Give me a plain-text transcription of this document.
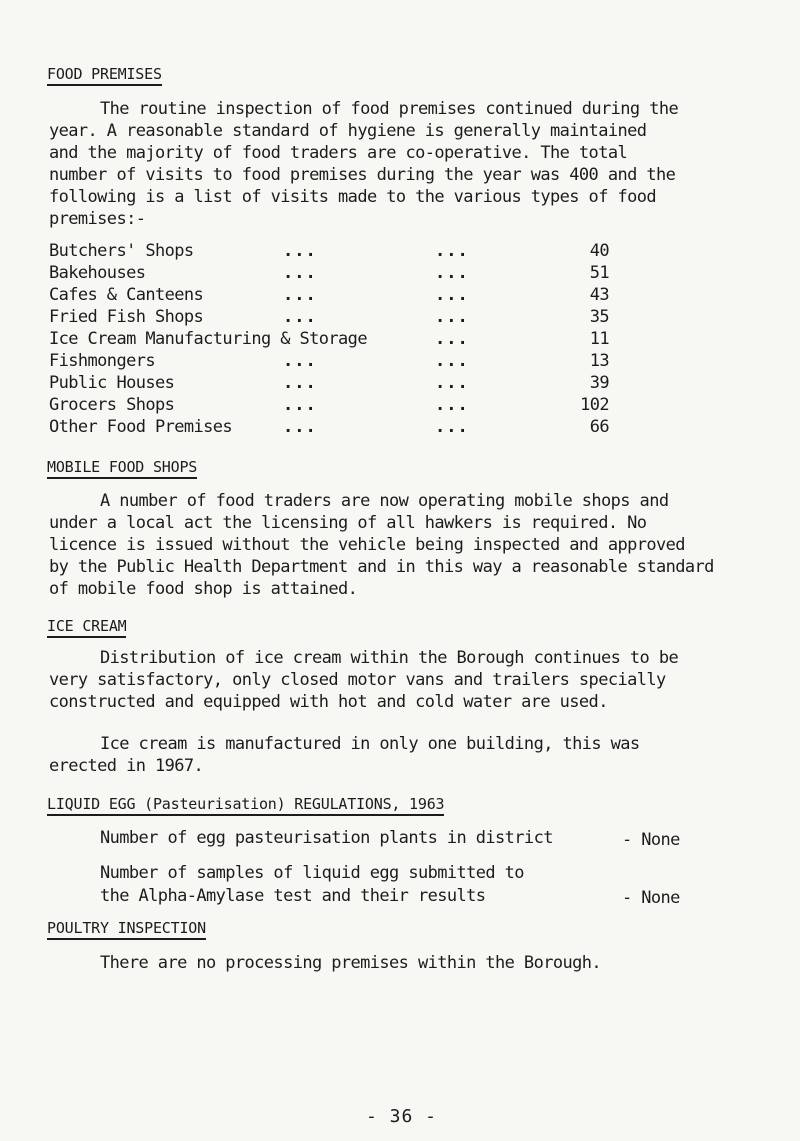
FOOD PREMISES
The routine inspection of food premises continued during the
year. A reasonable standard of hygiene is generally maintained
and the majority of food traders are co-operative. The total
number of visits to food premises during the year was 400 and the
following is a list of visits made to the various types of food
premises:-
Butchers' Shops	...	...	40
Bakehouses	...	...	51
Cafes & Canteens	...	...	43
Fried Fish Shops	...	...	35
Ice Cream Manufacturing & Storage	...	11
Fishmongers	...	...	13
Public Houses	...	...	39
Grocers Shops	...	...	102
Other Food Premises	...	...	66
MOBILE FOOD SHOPS
A number of food traders are now operating mobile shops and
under a local act the licensing of all hawkers is required. No
licence is issued without the vehicle being inspected and approved
by the Public Health Department and in this way a reasonable standard
of mobile food shop is attained.
ICE CREAM
Distribution of ice cream within the Borough continues to be
very satisfactory, only closed motor vans and trailers specially
constructed and equipped with hot and cold water are used.
Ice cream is manufactured in only one building, this was
erected in 1967.
LIQUID EGG (Pasteurisation) REGULATIONS, 1963
Number of egg pasteurisation plants in district	- None
Number of samples of liquid egg submitted to
the Alpha-Amylase test and their results	- None
POULTRY INSPECTION
There are no processing premises within the Borough.
- 36 -
